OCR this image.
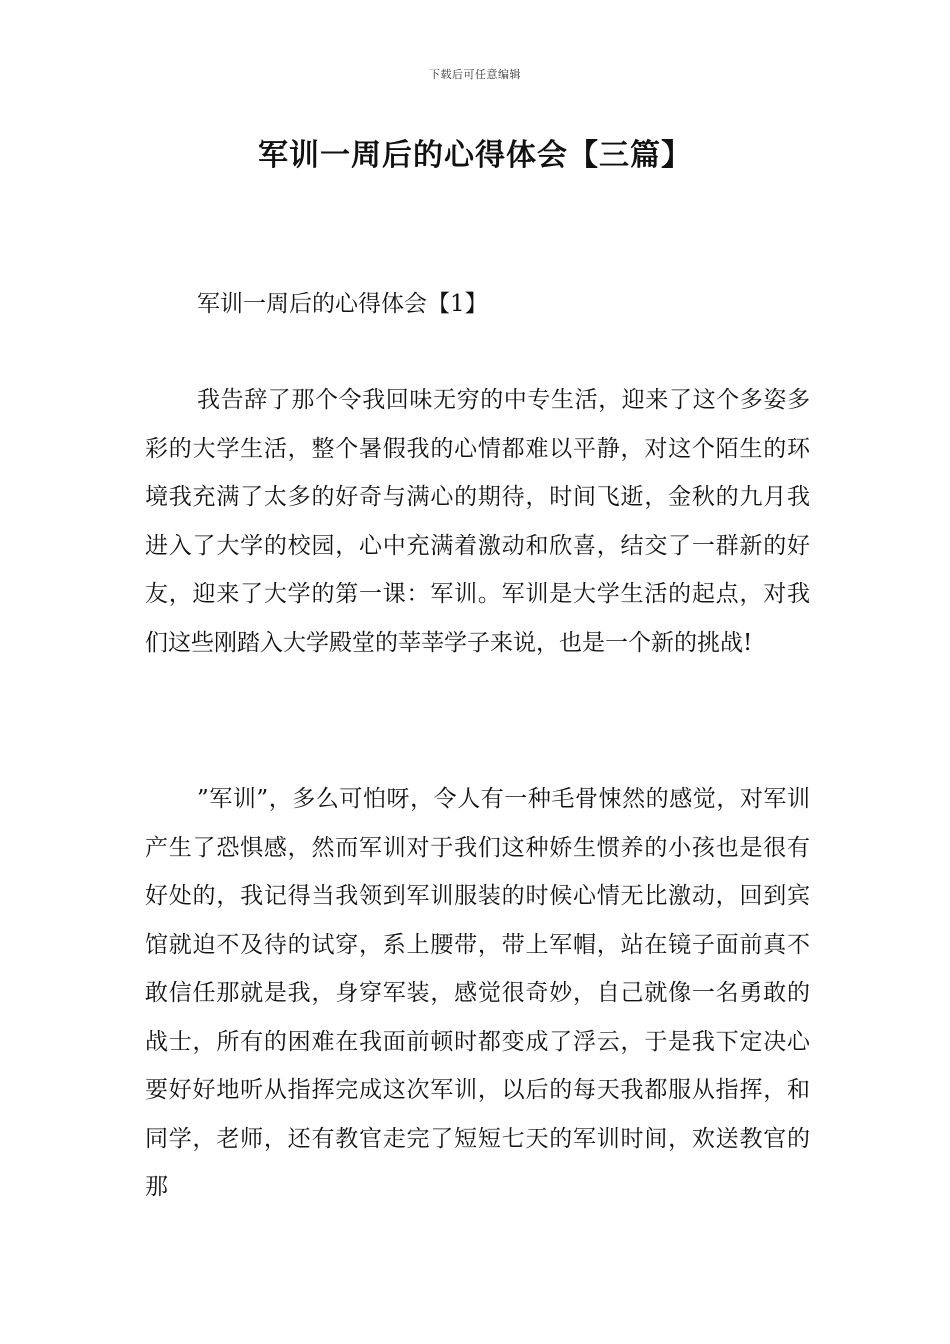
下载后可任意编辑
军训一周后的心得体会【三篇】
军训一周后的心得体会【1】

我告辞了那个令我回味无穷的中专生活，迎来了这个多姿多彩的大学生活，整个暑假我的心情都难以平静，对这个陌生的环境我充满了太多的好奇与满心的期待，时间飞逝，金秋的九月我进入了大学的校园，心中充满着激动和欣喜，结交了一群新的好友，迎来了大学的第一课：军训。军训是大学生活的起点，对我们这些刚踏入大学殿堂的莘莘学子来说，也是一个新的挑战!

”军训”，多么可怕呀，令人有一种毛骨悚然的感觉，对军训产生了恐惧感，然而军训对于我们这种娇生惯养的小孩也是很有好处的，我记得当我领到军训服装的时候心情无比激动，回到宾馆就迫不及待的试穿，系上腰带，带上军帽，站在镜子面前真不敢信任那就是我，身穿军装，感觉很奇妙，自己就像一名勇敢的战士，所有的困难在我面前顿时都变成了浮云，于是我下定决心要好好地听从指挥完成这次军训，以后的每天我都服从指挥，和同学，老师，还有教官走完了短短七天的军训时间，欢送教官的那
